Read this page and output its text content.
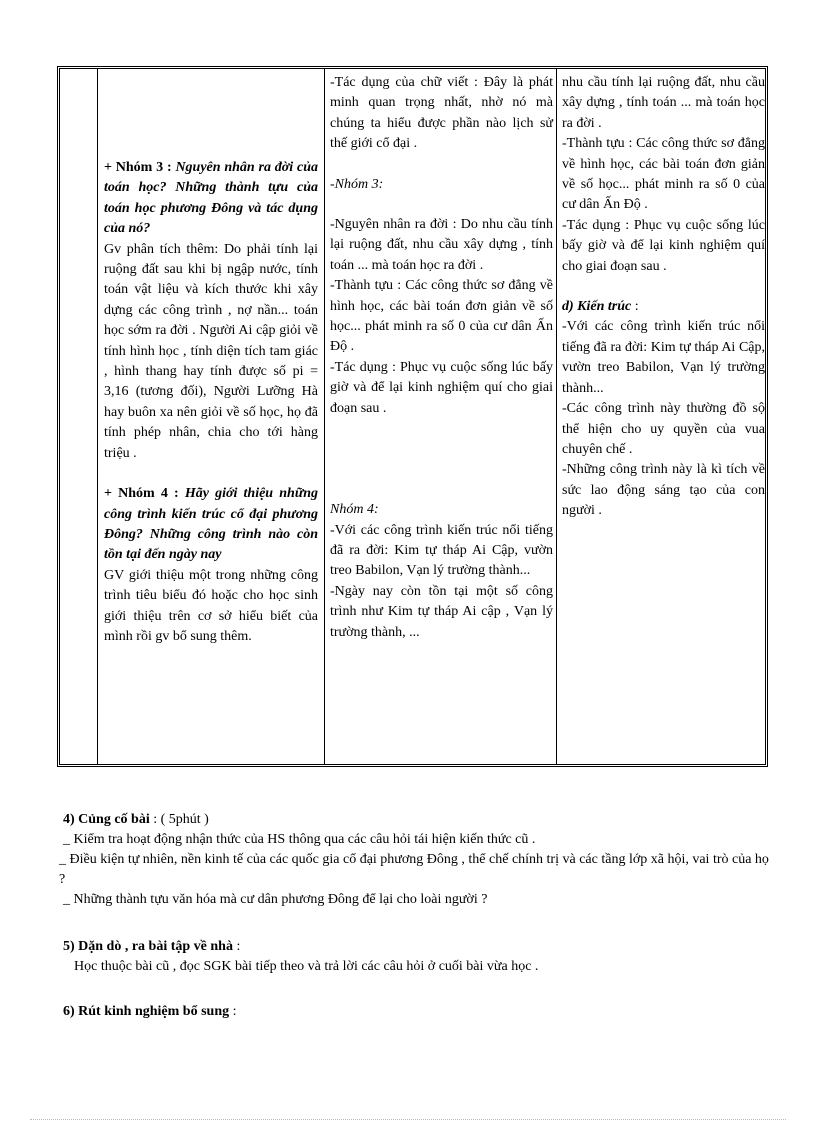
+ Nhóm 3 : Nguyên nhân ra đời của toán học? Những thành tựu của toán học phương Đông và tác dụng của nó?

Gv phân tích thêm: Do phải tính lại ruộng đất sau khi bị ngập nước, tính toán vật liệu và kích thước khi xây dựng các công trình , nợ nần... toán học sớm ra đời . Người Ai cập giỏi về tính hình học , tính diện tích tam giác , hình thang hay tính được số pi = 3,16 (tương đối), Người Lưỡng Hà hay buôn xa nên giỏi về số học, họ đã tính phép nhân, chia cho tới hàng triệu .

+ Nhóm 4 : Hãy giới thiệu những công trình kiến trúc cổ đại phương Đông? Những công trình nào còn tồn tại đến ngày nay

GV giới thiệu một trong những công trình tiêu biểu đó hoặc cho học sinh giới thiệu trên cơ sở hiểu biết của mình rồi gv bổ sung thêm.

-Tác dụng của chữ viết : Đây là phát minh quan trọng nhất, nhờ nó mà chúng ta hiểu được phần nào lịch sử thế giới cổ đại .

-Nhóm 3:

-Nguyên nhân ra đời : Do nhu cầu tính lại ruộng đất, nhu cầu xây dựng , tính toán ... mà toán học ra đời .

-Thành tựu : Các công thức sơ đẳng về hình học, các bài toán đơn giản về số học... phát minh ra số 0 của cư dân Ấn Độ .

-Tác dụng : Phục vụ cuộc sống lúc bấy giờ và để lại kinh nghiệm quí cho giai đoạn sau .

Nhóm 4:

-Với các công trình kiến trúc nổi tiếng đã ra đời: Kim tự tháp Ai Cập, vườn treo Babilon, Vạn lý trường thành...

-Ngày nay còn tồn tại một số công trình như Kim tự tháp Ai cập , Vạn lý trường thành, ...

nhu cầu tính lại ruộng đất, nhu cầu xây dựng , tính toán ... mà toán học ra đời .

-Thành tựu : Các công thức sơ đẳng về hình học, các bài toán đơn giản về số học... phát minh ra số 0 của cư dân Ấn Độ .

-Tác dụng : Phục vụ cuộc sống lúc bấy giờ và để lại kinh nghiệm quí cho giai đoạn sau .

d) Kiến trúc :

-Với các công trình kiến trúc nổi tiếng đã ra đời: Kim tự tháp Ai Cập, vườn treo Babilon, Vạn lý trường thành...

-Các công trình này thường đồ sộ thể hiện cho uy quyền của vua chuyên chế .

-Những công trình này là kì tích về sức lao động sáng tạo của con người .

4) Củng cố bài : ( 5phút )

_ Kiểm tra hoạt động nhận thức của HS thông qua các câu hỏi tái hiện kiến thức cũ .

_ Điều kiện tự nhiên, nền kinh tế của các quốc gia cổ đại phương Đông , thể chế chính trị và các tầng lớp xã hội, vai trò của họ ?

_ Những thành tựu văn hóa mà cư dân phương Đông để lại cho loài người ?

5) Dặn dò , ra bài tập về nhà :

Học thuộc bài cũ , đọc SGK bài tiếp theo và trả lời các câu hỏi ở cuối bài vừa học .

6) Rút kinh nghiệm bổ sung :
